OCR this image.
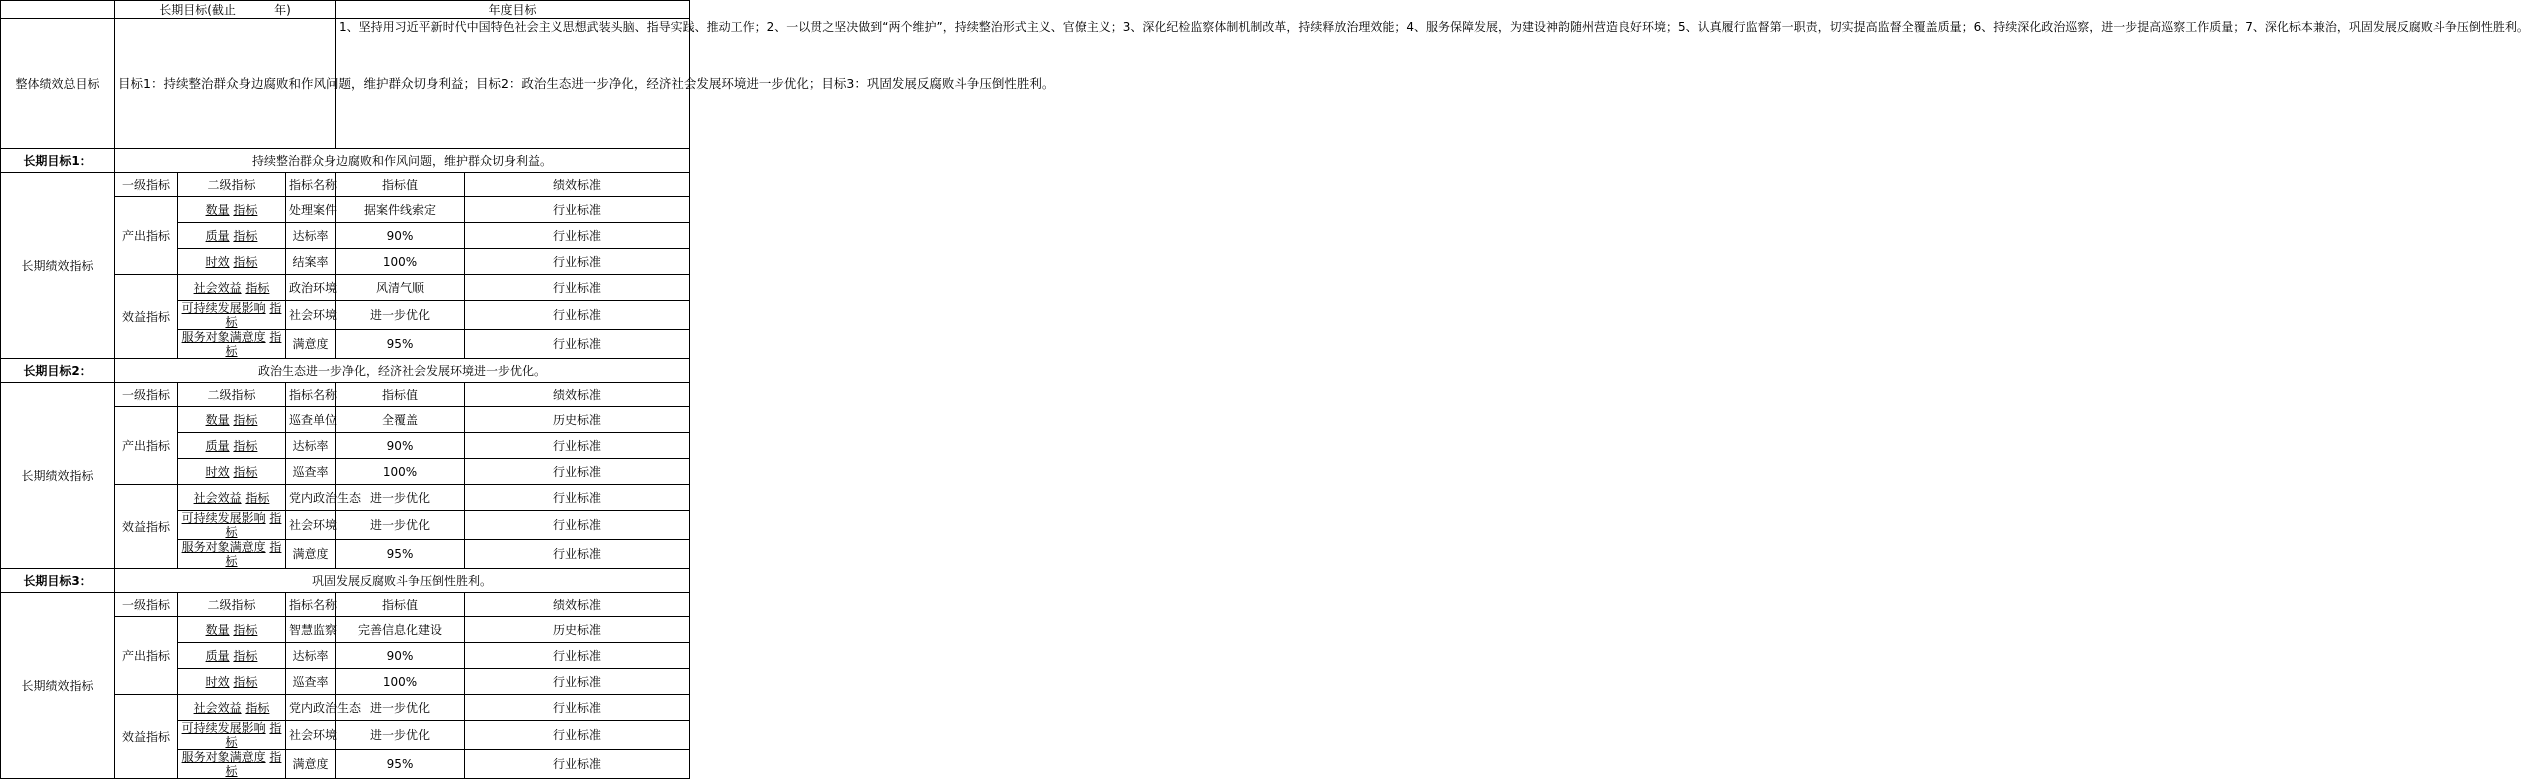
	长期目标(截止 年)			年度目标	
整体绩效总目标	目标1：持续整治群众身边腐败和作风问题，维护群众切身利益；目标2：政治生态进一步净化，经济社会发展环境进一步优化；目标3：巩固发展反腐败斗争压倒性胜利。			1、坚持用习近平新时代中国特色社会主义思想武装头脑、指导实践、推动工作；2、一以贯之坚决做到“两个维护”，持续整治形式主义、官僚主义；3、深化纪检监察体制机制改革，持续释放治理效能；4、服务保障发展，为建设神韵随州营造良好环境；5、认真履行监督第一职责，切实提高监督全覆盖质量；6、持续深化政治巡察，进一步提高巡察工作质量；7、深化标本兼治，巩固发展反腐败斗争压倒性胜利。	
长期目标1：	持续整治群众身边腐败和作风问题，维护群众切身利益。				
长期绩效指标	一级指标	二级指标	指标名称	指标值	绩效标准
	产出指标	数量 指标	处理案件	据案件线索定	行业标准
		质量 指标	达标率	90%	行业标准
		时效 指标	结案率	100%	行业标准
	效益指标	社会效益 指标	政治环境	风清气顺	行业标准
		可持续发展影响 指标	社会环境	进一步优化	行业标准
		服务对象满意度 指标	满意度	95%	行业标准
长期目标2：	政治生态进一步净化，经济社会发展环境进一步优化。				
长期绩效指标	一级指标	二级指标	指标名称	指标值	绩效标准
	产出指标	数量 指标	巡查单位	全覆盖	历史标准
		质量 指标	达标率	90%	行业标准
		时效 指标	巡查率	100%	行业标准
	效益指标	社会效益 指标	党内政治生态	进一步优化	行业标准
		可持续发展影响 指标	社会环境	进一步优化	行业标准
		服务对象满意度 指标	满意度	95%	行业标准
长期目标3：	巩固发展反腐败斗争压倒性胜利。				
长期绩效指标	一级指标	二级指标	指标名称	指标值	绩效标准
	产出指标	数量 指标	智慧监察	完善信息化建设	历史标准
		质量 指标	达标率	90%	行业标准
		时效 指标	巡查率	100%	行业标准
	效益指标	社会效益 指标	党内政治生态	进一步优化	行业标准
		可持续发展影响 指标	社会环境	进一步优化	行业标准
		服务对象满意度 指标	满意度	95%	行业标准
